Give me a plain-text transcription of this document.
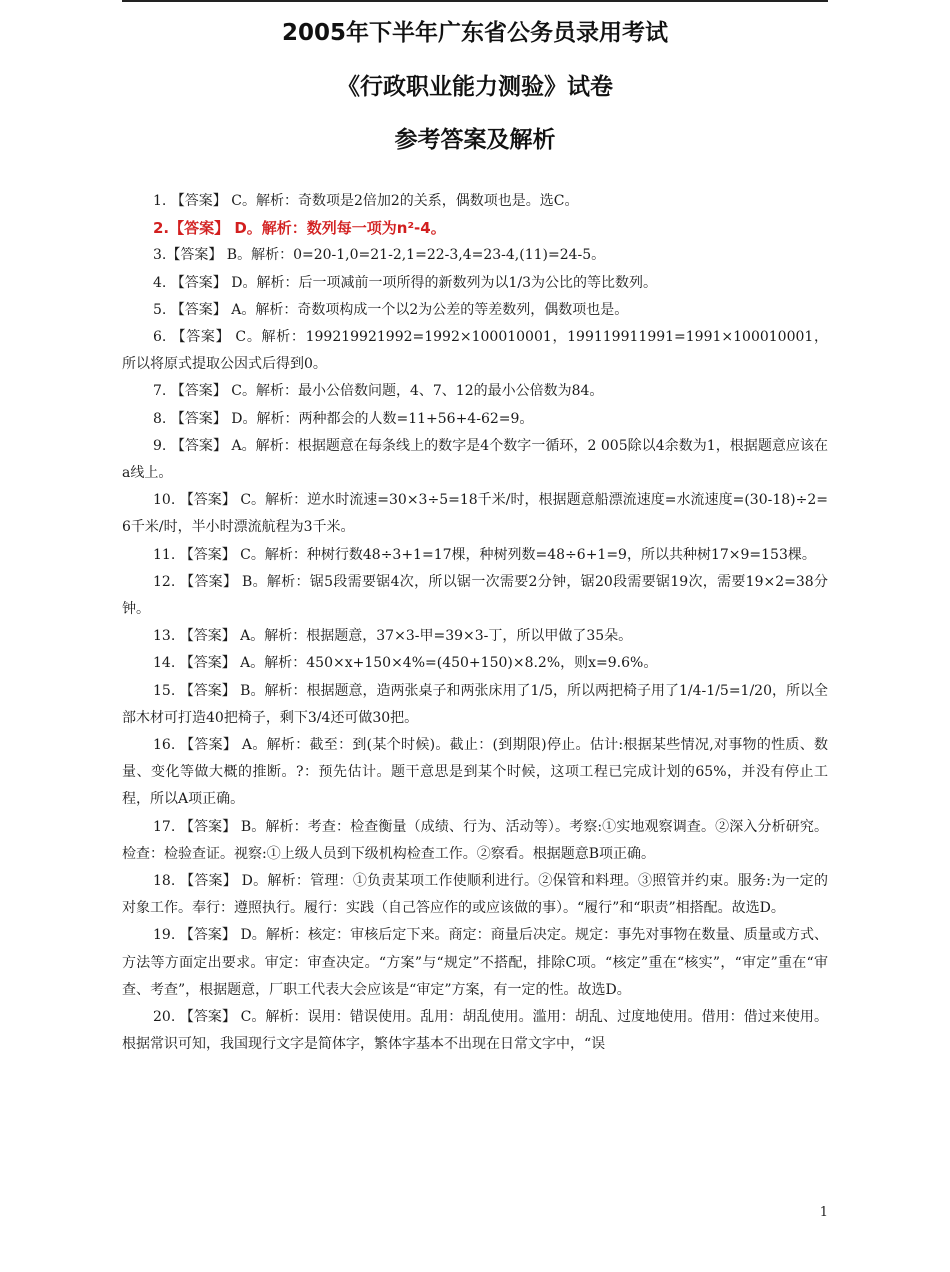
2005年下半年广东省公务员录用考试
《行政职业能力测验》试卷
参考答案及解析

1. 【答案】 C。解析：奇数项是2倍加2的关系，偶数项也是。选C。

2.【答案】 D。解析：数列每一项为n²-4。

3.【答案】 B。解析：0=20-1,0=21-2,1=22-3,4=23-4,(11)=24-5。

4. 【答案】 D。解析：后一项减前一项所得的新数列为以1/3为公比的等比数列。

5. 【答案】 A。解析：奇数项构成一个以2为公差的等差数列，偶数项也是。

6. 【答案】 C。解析：199219921992=1992×100010001，199119911991=1991×100010001，所以将原式提取公因式后得到0。

7. 【答案】 C。解析：最小公倍数问题，4、7、12的最小公倍数为84。

8. 【答案】 D。解析：两种都会的人数=11+56+4-62=9。

9. 【答案】 A。解析：根据题意在每条线上的数字是4个数字一循环，2 005除以4余数为1，根据题意应该在a线上。

10. 【答案】 C。解析：逆水时流速=30×3÷5=18千米/时，根据题意船漂流速度=水流速度=(30-18)÷2=6千米/时，半小时漂流航程为3千米。

11. 【答案】 C。解析：种树行数48÷3+1=17棵，种树列数=48÷6+1=9，所以共种树17×9=153棵。

12. 【答案】 B。解析：锯5段需要锯4次，所以锯一次需要2分钟，锯20段需要锯19次，需要19×2=38分钟。

13. 【答案】 A。解析：根据题意，37×3-甲=39×3-丁，所以甲做了35朵。

14. 【答案】 A。解析：450×x+150×4%=(450+150)×8.2%，则x=9.6%。

15. 【答案】 B。解析：根据题意，造两张桌子和两张床用了1/5，所以两把椅子用了1/4-1/5=1/20，所以全部木材可打造40把椅子，剩下3/4还可做30把。

16. 【答案】 A。解析：截至：到(某个时候)。截止：(到期限)停止。估计:根据某些情况,对事物的性质、数量、变化等做大概的推断。?：预先估计。题干意思是到某个时候，这项工程已完成计划的65%，并没有停止工程，所以A项正确。

17. 【答案】 B。解析：考查：检查衡量（成绩、行为、活动等）。考察:①实地观察调查。②深入分析研究。检查：检验查证。视察:①上级人员到下级机构检查工作。②察看。根据题意B项正确。

18. 【答案】 D。解析：管理：①负责某项工作使顺利进行。②保管和料理。③照管并约束。服务:为一定的对象工作。奉行：遵照执行。履行：实践（自己答应作的或应该做的事）。“履行”和“职责”相搭配。故选D。

19. 【答案】 D。解析：核定：审核后定下来。商定：商量后决定。规定：事先对事物在数量、质量或方式、方法等方面定出要求。审定：审查决定。“方案”与“规定”不搭配，排除C项。“核定”重在“核实”，“审定”重在“审查、考查”，根据题意，厂职工代表大会应该是“审定”方案，有一定的性。故选D。

20. 【答案】 C。解析：误用：错误使用。乱用：胡乱使用。滥用：胡乱、过度地使用。借用：借过来使用。根据常识可知，我国现行文字是简体字，繁体字基本不出现在日常文字中，“误

1
